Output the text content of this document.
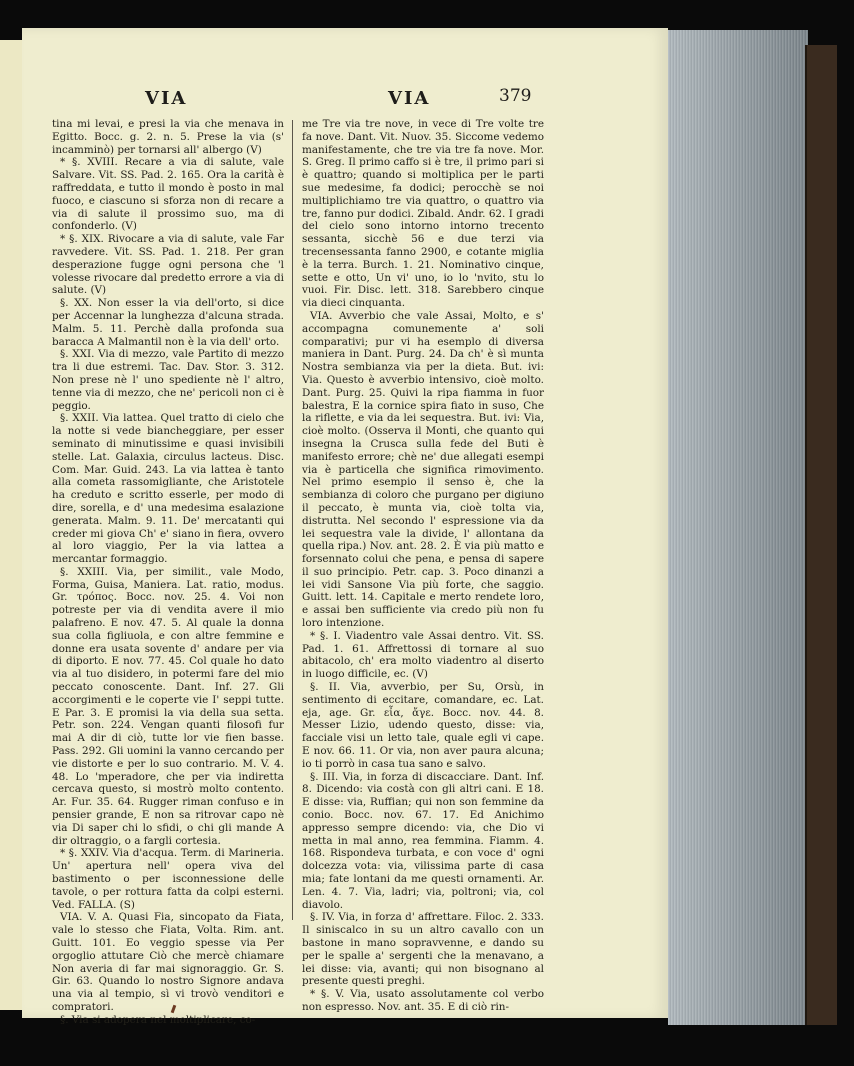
VIA	VIA	379

tina mi levai, e presi la via che menava in Egitto. Bocc. g. 2. n. 5. Prese la via (s' incamminò) per tornarsi all' albergo (V)

* §. XVIII. Recare a via di salute, vale Salvare. Vit. SS. Pad. 2. 165. Ora la carità è raffreddata, e tutto il mondo è posto in mal fuoco, e ciascuno si sforza non di recare a via di salute il prossimo suo, ma di confonderlo. (V)

* §. XIX. Rivocare a via di salute, vale Far ravvedere. Vit. SS. Pad. 1. 218. Per gran desperazione fugge ogni persona che 'l volesse rivocare dal predetto errore a via di salute. (V)

§. XX. Non esser la via dell'orto, si dice per Accennar la lunghezza d'alcuna strada. Malm. 5. 11. Perchè dalla profonda sua baracca A Malmantil non è la via dell' orto.

§. XXI. Via di mezzo, vale Partito di mezzo tra li due estremi. Tac. Dav. Stor. 3. 312. Non prese nè l' uno spediente nè l' altro, tenne via di mezzo, che ne' pericoli non ci è peggio.

§. XXII. Via lattea. Quel tratto di cielo che la notte si vede biancheggiare, per esser seminato di minutissime e quasi invisibili stelle. Lat. Galaxia, circulus lacteus. Disc. Com. Mar. Guid. 243. La via lattea è tanto alla cometa rassomigliante, che Aristotele ha creduto e scritto esserle, per modo di dire, sorella, e d' una medesima esalazione generata. Malm. 9. 11. De' mercatanti qui creder mi giova Ch' e' siano in fiera, ovvero al loro viaggio, Per la via lattea a mercantar formaggio.

§. XXIII. Via, per similit., vale Modo, Forma, Guisa, Maniera. Lat. ratio, modus. Gr. τρόπος. Bocc. nov. 25. 4. Voi non potreste per via di vendita avere il mio palafreno. E nov. 47. 5. Al quale la donna sua colla figliuola, e con altre femmine e donne era usata sovente d' andare per via di diporto. E nov. 77. 45. Col quale ho dato via al tuo disidero, in potermi fare del mio peccato conoscente. Dant. Inf. 27. Gli accorgimenti e le coperte vie I' seppi tutte. E Par. 3. E promisi la via della sua setta. Petr. son. 224. Vengan quanti filosofi fur mai A dir di ciò, tutte lor vie fien basse. Pass. 292. Gli uomini la vanno cercando per vie distorte e per lo suo contrario. M. V. 4. 48. Lo 'mperadore, che per via indiretta cercava questo, si mostrò molto contento. Ar. Fur. 35. 64. Rugger riman confuso e in pensier grande, E non sa ritrovar capo nè via Di saper chi lo sfidi, o chi gli mande A dir oltraggio, o a fargli cortesia.

* §. XXIV. Via d'acqua. Term. di Marineria. Un' apertura nell' opera viva del bastimento o per isconnessione delle tavole, o per rottura fatta da colpi esterni. Ved. FALLA. (S)

VIA. V. A. Quasi Fia, sincopato da Fiata, vale lo stesso che Fiata, Volta. Rim. ant. Guitt. 101. Eo veggio spesse via Per orgoglio attutare Ciò che mercè chiamare Non averia di far mai signoraggio. Gr. S. Gir. 63. Quando lo nostro Signore andava una via al tempio, sì vi trovò venditori e compratori.

§. Via si adopera nel moltiplicare, co-

me Tre via tre nove, in vece di Tre volte tre fa nove. Dant. Vit. Nuov. 35. Siccome vedemo manifestamente, che tre via tre fa nove. Mor. S. Greg. Il primo caffo si è tre, il primo pari si è quattro; quando si moltiplica per le parti sue medesime, fa dodici; perocchè se noi multiplichiamo tre via quattro, o quattro via tre, fanno pur dodici. Zibald. Andr. 62. I gradi del cielo sono intorno intorno trecento sessanta, sicchè 56 e due terzi via trecensessanta fanno 2900, e cotante miglia è la terra. Burch. 1. 21. Nominativo cinque, sette e otto, Un vi' uno, io lo 'nvito, stu lo vuoi. Fir. Disc. lett. 318. Sarebbero cinque via dieci cinquanta.

VIA. Avverbio che vale Assai, Molto, e s' accompagna comunemente a' soli comparativi; pur vi ha esemplo di diversa maniera in Dant. Purg. 24. Da ch' è sì munta Nostra sembianza via per la dieta. But. ivi: Via. Questo è avverbio intensivo, cioè molto. Dant. Purg. 25. Quivi la ripa fiamma in fuor balestra, E la cornice spira fiato in suso, Che la riflette, e via da lei sequestra. But. ivi: Via, cioè molto. (Osserva il Monti, che quanto qui insegna la Crusca sulla fede del Buti è manifesto errore; chè ne' due allegati esempi via è particella che significa rimovimento. Nel primo esempio il senso è, che la sembianza di coloro che purgano per digiuno il peccato, è munta via, cioè tolta via, distrutta. Nel secondo l' espressione via da lei sequestra vale la divide, l' allontana da quella ripa.) Nov. ant. 28. 2. È via più matto e forsennato colui che pena, e pensa di sapere il suo principio. Petr. cap. 3. Poco dinanzi a lei vidi Sansone Via più forte, che saggio. Guitt. lett. 14. Capitale e merto rendete loro, e assai ben sufficiente via credo più non fu loro intenzione.

* §. I. Viadentro vale Assai dentro. Vit. SS. Pad. 1. 61. Affrettossi di tornare al suo abitacolo, ch' era molto viadentro al diserto in luogo difficile, ec. (V)

§. II. Via, avverbio, per Su, Orsù, in sentimento di eccitare, comandare, ec. Lat. eja, age. Gr. εἶα, ἄγε. Bocc. nov. 44. 8. Messer Lizio, udendo questo, disse: via, facciale visi un letto tale, quale egli vi cape. E nov. 66. 11. Or via, non aver paura alcuna; io ti porrò in casa tua sano e salvo.

§. III. Via, in forza di discacciare. Dant. Inf. 8. Dicendo: via costà con gli altri cani. E 18. E disse: via, Ruffian; qui non son femmine da conio. Bocc. nov. 67. 17. Ed Anichimo appresso sempre dicendo: via, che Dio vi metta in mal anno, rea femmina. Fiamm. 4. 168. Rispondeva turbata, e con voce d' ogni dolcezza vota: via, vilissima parte di casa mia; fate lontani da me questi ornamenti. Ar. Len. 4. 7. Via, ladri; via, poltroni; via, col diavolo.

§. IV. Via, in forza d' affrettare. Filoc. 2. 333. Il siniscalco in su un altro cavallo con un bastone in mano sopravvenne, e dando su per le spalle a' sergenti che la menavano, a lei disse: via, avanti; qui non bisognano al presente questi preghi.

* §. V. Via, usato assolutamente col verbo non espresso. Nov. ant. 35. E di ciò rin-
